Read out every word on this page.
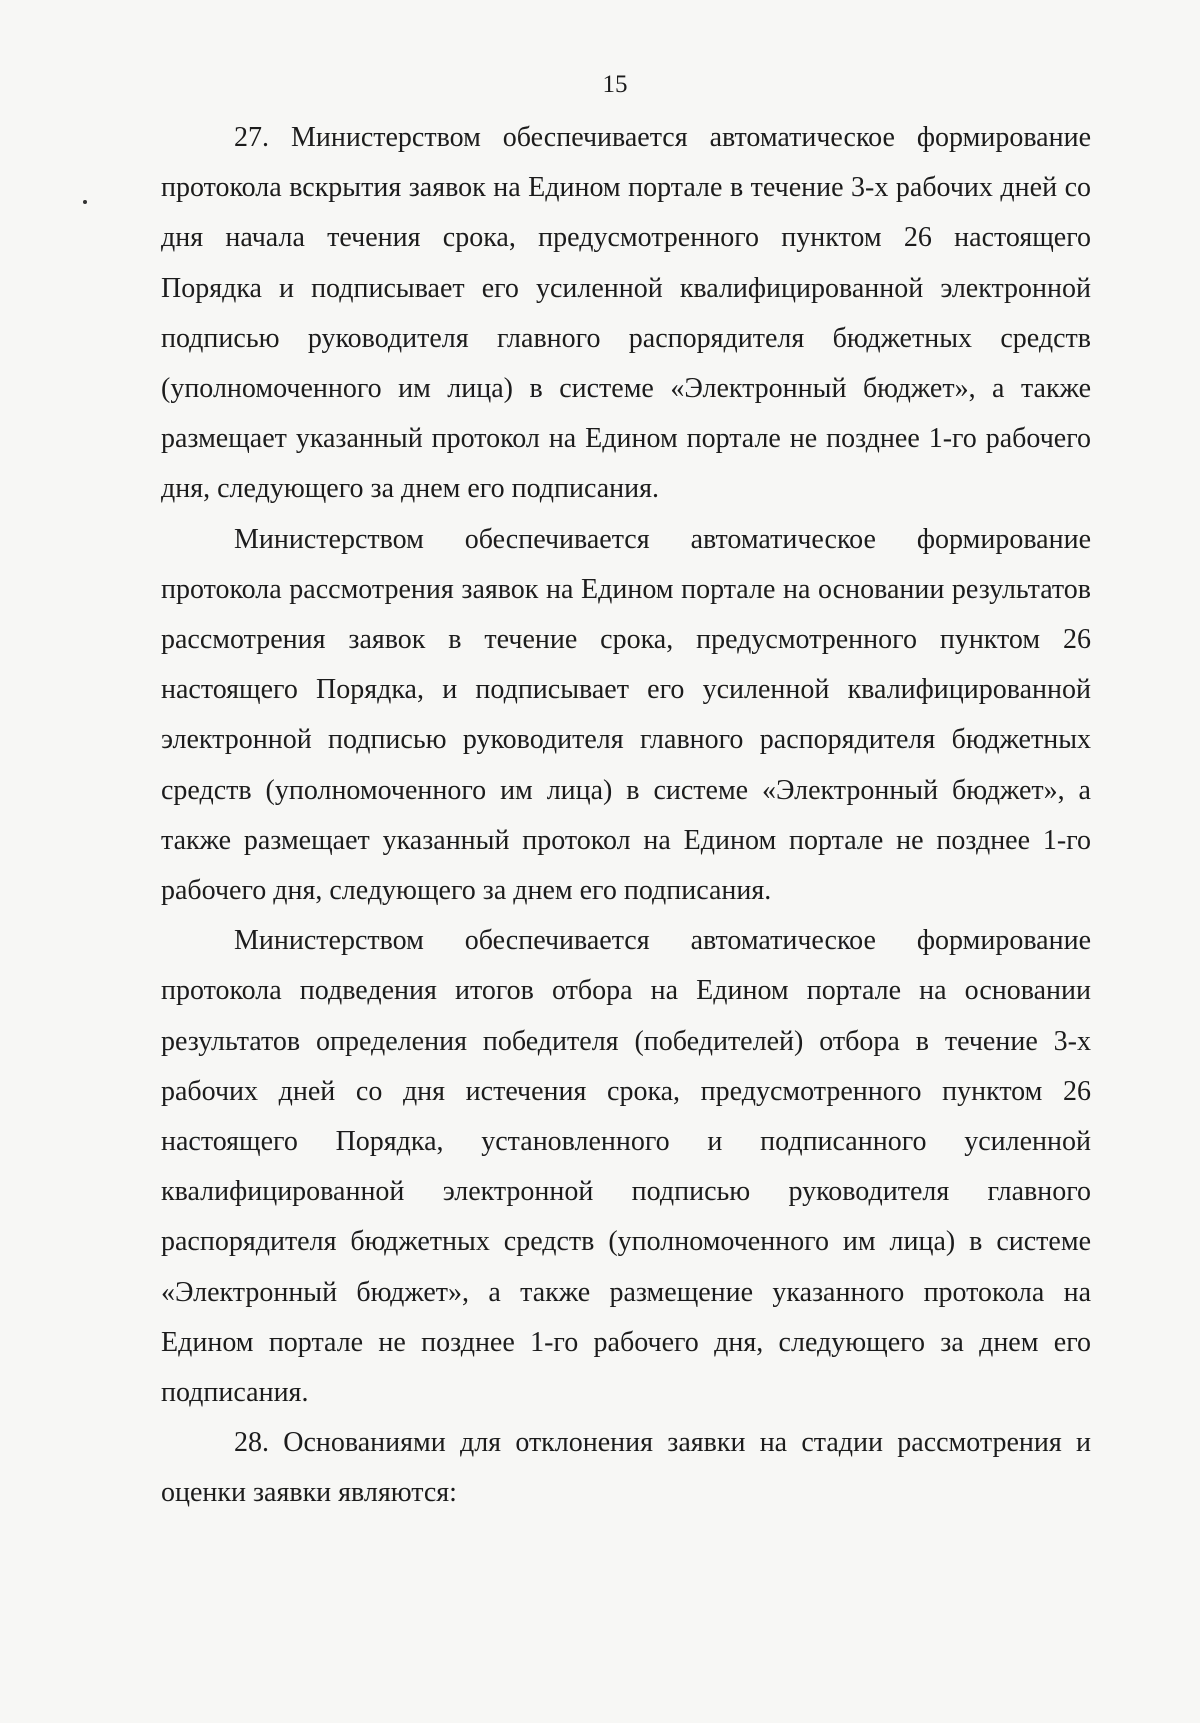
15

27. Министерством обеспечивается автоматическое формирование протокола вскрытия заявок на Едином портале в течение 3-х рабочих дней со дня начала течения срока, предусмотренного пунктом 26 настоящего Порядка и подписывает его усиленной квалифицированной электронной подписью руководителя главного распорядителя бюджетных средств (уполномоченного им лица) в системе «Электронный бюджет», а также размещает указанный протокол на Едином портале не позднее 1-го рабочего дня, следующего за днем его подписания.

Министерством обеспечивается автоматическое формирование протокола рассмотрения заявок на Едином портале на основании результатов рассмотрения заявок в течение срока, предусмотренного пунктом 26 настоящего Порядка, и подписывает его усиленной квалифицированной электронной подписью руководителя главного распорядителя бюджетных средств (уполномоченного им лица) в системе «Электронный бюджет», а также размещает указанный протокол на Едином портале не позднее 1-го рабочего дня, следующего за днем его подписания.

Министерством обеспечивается автоматическое формирование протокола подведения итогов отбора на Едином портале на основании результатов определения победителя (победителей) отбора в течение 3-х рабочих дней со дня истечения срока, предусмотренного пунктом 26 настоящего Порядка, установленного и подписанного усиленной квалифицированной электронной подписью руководителя главного распорядителя бюджетных средств (уполномоченного им лица) в системе «Электронный бюджет», а также размещение указанного протокола на Едином портале не позднее 1-го рабочего дня, следующего за днем его подписания.

28. Основаниями для отклонения заявки на стадии рассмотрения и оценки заявки являются:
